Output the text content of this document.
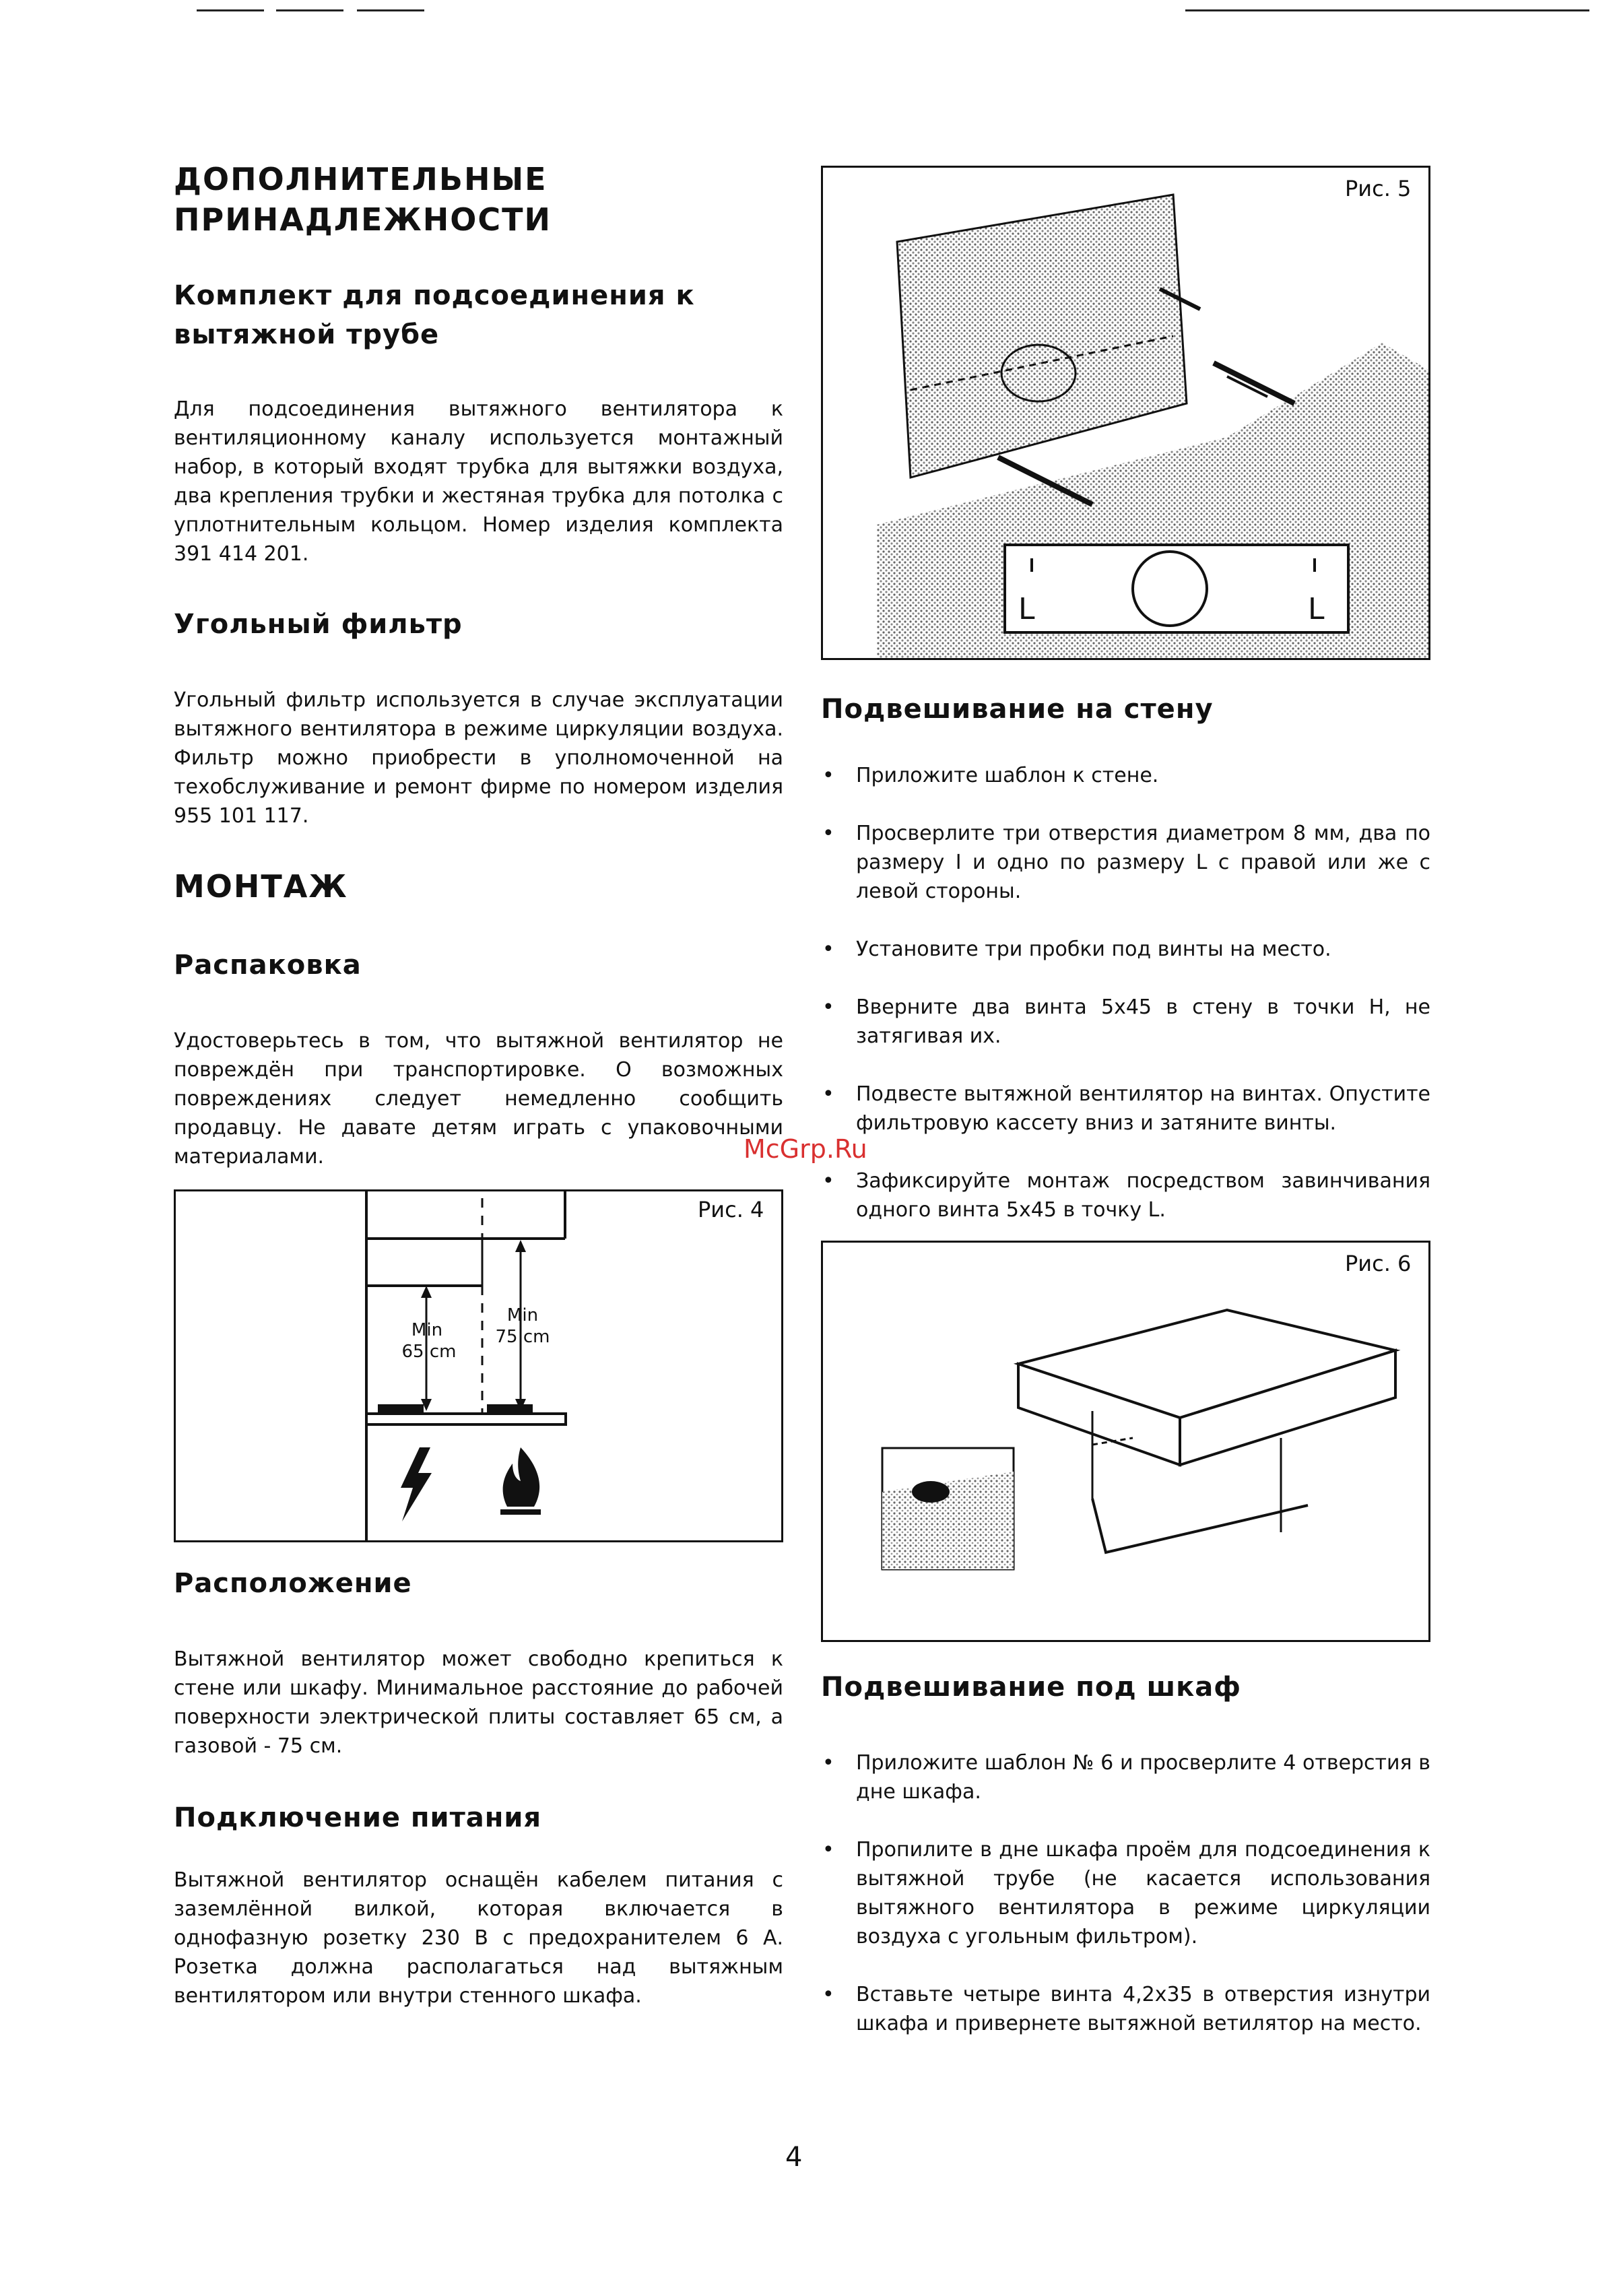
ДОПОЛНИТЕЛЬНЫЕ ПРИНАДЛЕЖНОСТИ
Комплект для подсоединения к вытяжной трубе

Для подсоединения вытяжного вентилятора к вентиляционному каналу используется монтажный набор, в который входят трубка для вытяжки воздуха, два крепления трубки и жестяная трубка для потолка с уплотнительным кольцом. Номер изделия комплекта 391 414 201.

Угольный фильтр

Угольный фильтр используется в случае эксплуатации вытяжного вентилятора в режиме циркуляции воздуха. Фильтр можно приобрести в уполномоченной на техобслуживание и ремонт фирме по номером изделия 955 101 117.

МОНТАЖ
Распаковка

Удостоверьтесь в том, что вытяжной вентилятор не повреждён при транспортировке. О возможных повреждениях следует немедленно сообщить продавцу. Не давате детям играть с упаковочными материалами.

Рис. 4
Min
65 cm
Min
75 cm
Расположение

Вытяжной вентилятор может свободно крепиться к стене или шкафу. Минимальное расстояние до рабочей поверхности электрической плиты составляет 65 см, а газовой - 75 см.

Подключение питания

Вытяжной вентилятор оснащён кабелем питания с заземлённой вилкой, которая включается в однофазную розетку 230 В с предохранителем 6 А. Розетка должна располагаться над вытяжным вентилятором или внутри стенного шкафа.

Рис. 5
L	L
Подвешивание на стену
• Приложите шаблон к стене.
• Просверлите три отверстия диаметром 8 мм, два по размеру I и одно по размеру L с правой или же с левой стороны.
• Установите три пробки под винты на место.
• Вверните два винта 5х45 в стену в точки Н, не затягивая их.
• Подвесте вытяжной вентилятор на винтах. Опустите фильтровую кассету вниз и затяните винты.
• Зафиксируйте монтаж посредством завинчивания одного винта 5х45 в точку L.
Рис. 6
Подвешивание под шкаф
• Приложите шаблон № 6 и просверлите 4 отверстия в дне шкафа.
• Пропилите в дне шкафа проём для подсоединения к вытяжной трубе (не касается использования вытяжного вентилятора в режиме циркуляции воздуха с угольным фильтром).
• Вставьте четыре винта 4,2х35 в отверстия изнутри шкафа и привернете вытяжной ветилятор на место.
McGrp.Ru
4
